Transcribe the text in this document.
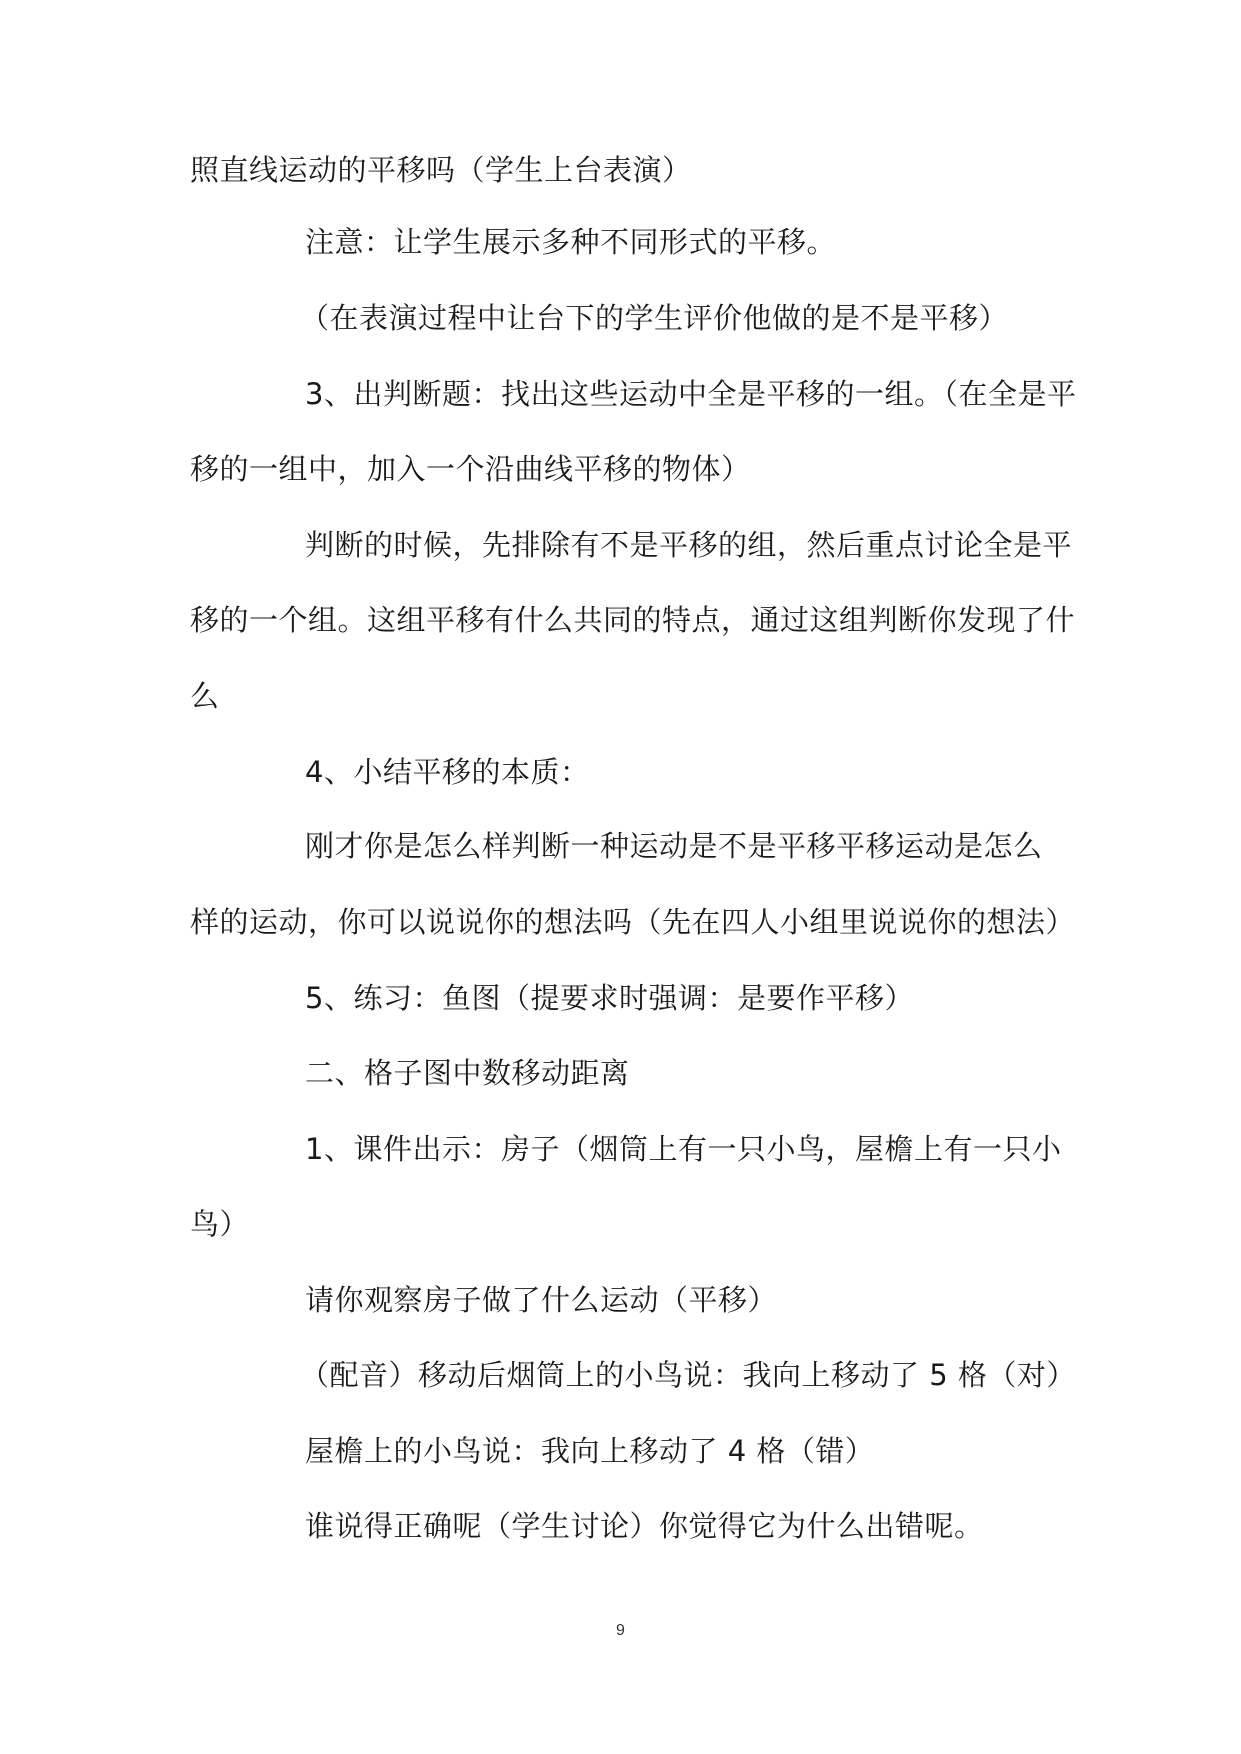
照直线运动的平移吗（学生上台表演）
注意：让学生展示多种不同形式的平移。
（在表演过程中让台下的学生评价他做的是不是平移）
3、出判断题：找出这些运动中全是平移的一组。（在全是平
移的一组中，加入一个沿曲线平移的物体）
判断的时候，先排除有不是平移的组，然后重点讨论全是平
移的一个组。这组平移有什么共同的特点，通过这组判断你发现了什
么
4、小结平移的本质：
刚才你是怎么样判断一种运动是不是平移平移运动是怎么
样的运动，你可以说说你的想法吗（先在四人小组里说说你的想法）
5、练习：鱼图（提要求时强调：是要作平移）
二、格子图中数移动距离
1、课件出示：房子（烟筒上有一只小鸟，屋檐上有一只小
鸟）
请你观察房子做了什么运动（平移）
（配音）移动后烟筒上的小鸟说：我向上移动了 5 格（对）
屋檐上的小鸟说：我向上移动了 4 格（错）
谁说得正确呢（学生讨论）你觉得它为什么出错呢。
9
